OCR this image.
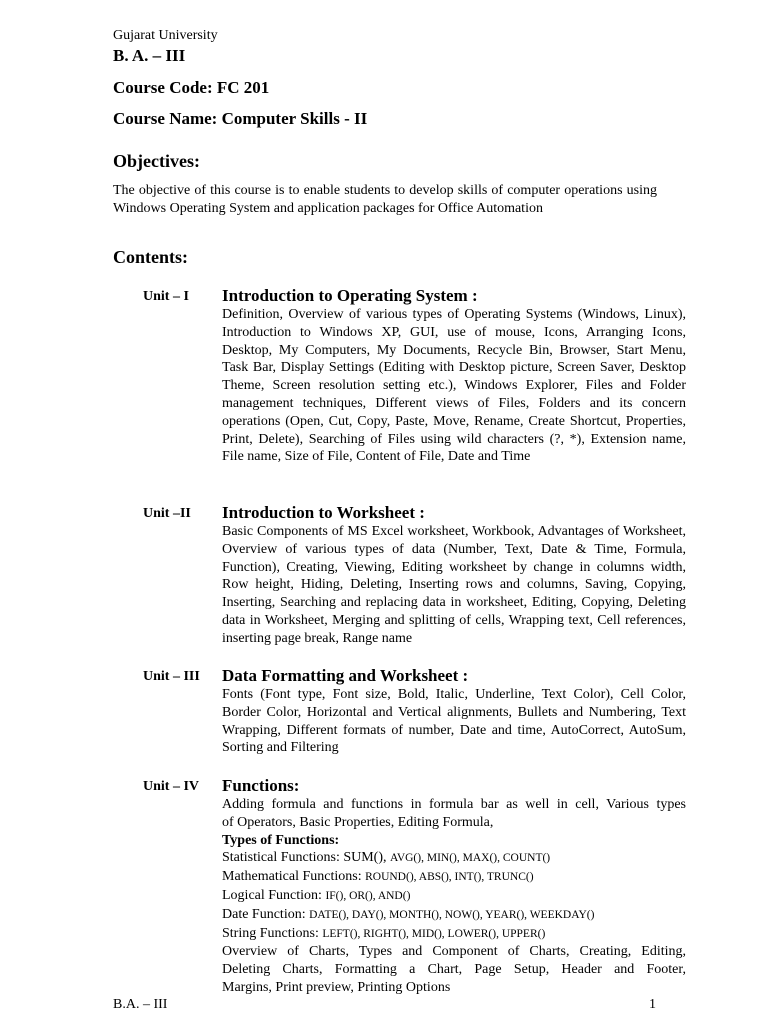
Gujarat University
B. A. – III
Course Code: FC 201
Course Name: Computer Skills - II
Objectives:

The objective of this course is to enable students to develop skills of computer operations using Windows Operating System and application packages for Office Automation

Contents:
Unit – I Introduction to Operating System :

Definition, Overview of various types of Operating Systems (Windows, Linux), Introduction to Windows XP, GUI, use of mouse, Icons, Arranging Icons, Desktop, My Computers, My Documents, Recycle Bin, Browser, Start Menu, Task Bar, Display Settings (Editing with Desktop picture, Screen Saver, Desktop Theme, Screen resolution setting etc.), Windows Explorer, Files and Folder management techniques, Different views of Files, Folders and its concern operations (Open, Cut, Copy, Paste, Move, Rename, Create Shortcut, Properties, Print, Delete), Searching of Files using wild characters (?, *), Extension name, File name, Size of File, Content of File, Date and Time

Unit –II Introduction to Worksheet :

Basic Components of MS Excel worksheet, Workbook, Advantages of Worksheet, Overview of various types of data (Number, Text, Date & Time, Formula, Function), Creating, Viewing, Editing worksheet by change in columns width, Row height, Hiding, Deleting, Inserting rows and columns, Saving, Copying, Inserting, Searching and replacing data in worksheet, Editing, Copying, Deleting data in Worksheet, Merging and splitting of cells, Wrapping text, Cell references, inserting page break, Range name

Unit – III Data Formatting and Worksheet :

Fonts (Font type, Font size, Bold, Italic, Underline, Text Color), Cell Color, Border Color, Horizontal and Vertical alignments, Bullets and Numbering, Text Wrapping, Different formats of number, Date and time, AutoCorrect, AutoSum, Sorting and Filtering

Unit – IV Functions:
Adding formula and functions in formula bar as well in cell, Various types
of Operators, Basic Properties, Editing Formula,
Types of Functions:
Statistical Functions: SUM(), AVG(), MIN(), MAX(), COUNT()
Mathematical Functions: ROUND(), ABS(), INT(), TRUNC()
Logical Function: IF(), OR(), AND()
Date Function: DATE(), DAY(), MONTH(), NOW(), YEAR(), WEEKDAY()
String Functions: LEFT(), RIGHT(), MID(), LOWER(), UPPER()
Overview of Charts, Types and Component of Charts, Creating, Editing,
Deleting Charts, Formatting a Chart, Page Setup, Header and Footer,
Margins, Print preview, Printing Options
B.A. – III	1
